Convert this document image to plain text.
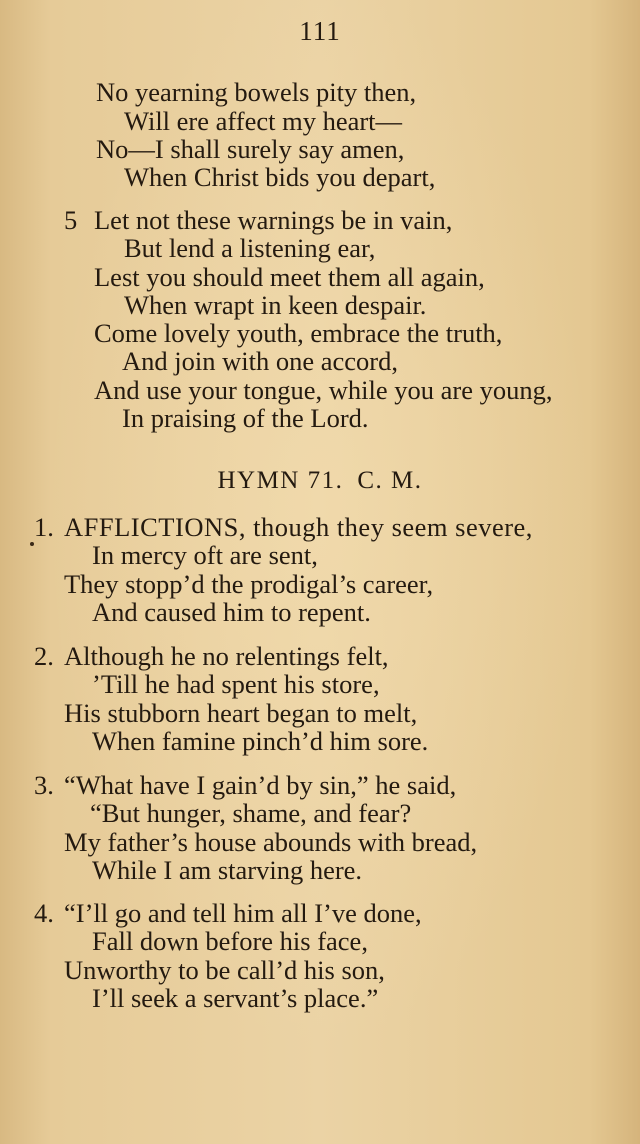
111
No yearning bowels pity then,
Will ere affect my heart—
No—I shall surely say amen,
When Christ bids you depart,
5 Let not these warnings be in vain,
But lend a listening ear,
Lest you should meet them all again,
When wrapt in keen despair.
Come lovely youth, embrace the truth,
And join with one accord,
And use your tongue, while you are young,
In praising of the Lord.
HYMN 71. C. M.
1. AFFLICTIONS, though they seem severe,
In mercy oft are sent,
They stopp’d the prodigal’s career,
And caused him to repent.
2. Although he no relentings felt,
’Till he had spent his store,
His stubborn heart began to melt,
When famine pinch’d him sore.
3. “What have I gain’d by sin,” he said,
“But hunger, shame, and fear?
My father’s house abounds with bread,
While I am starving here.
4. “I’ll go and tell him all I’ve done,
Fall down before his face,
Unworthy to be call’d his son,
I’ll seek a servant’s place.”
